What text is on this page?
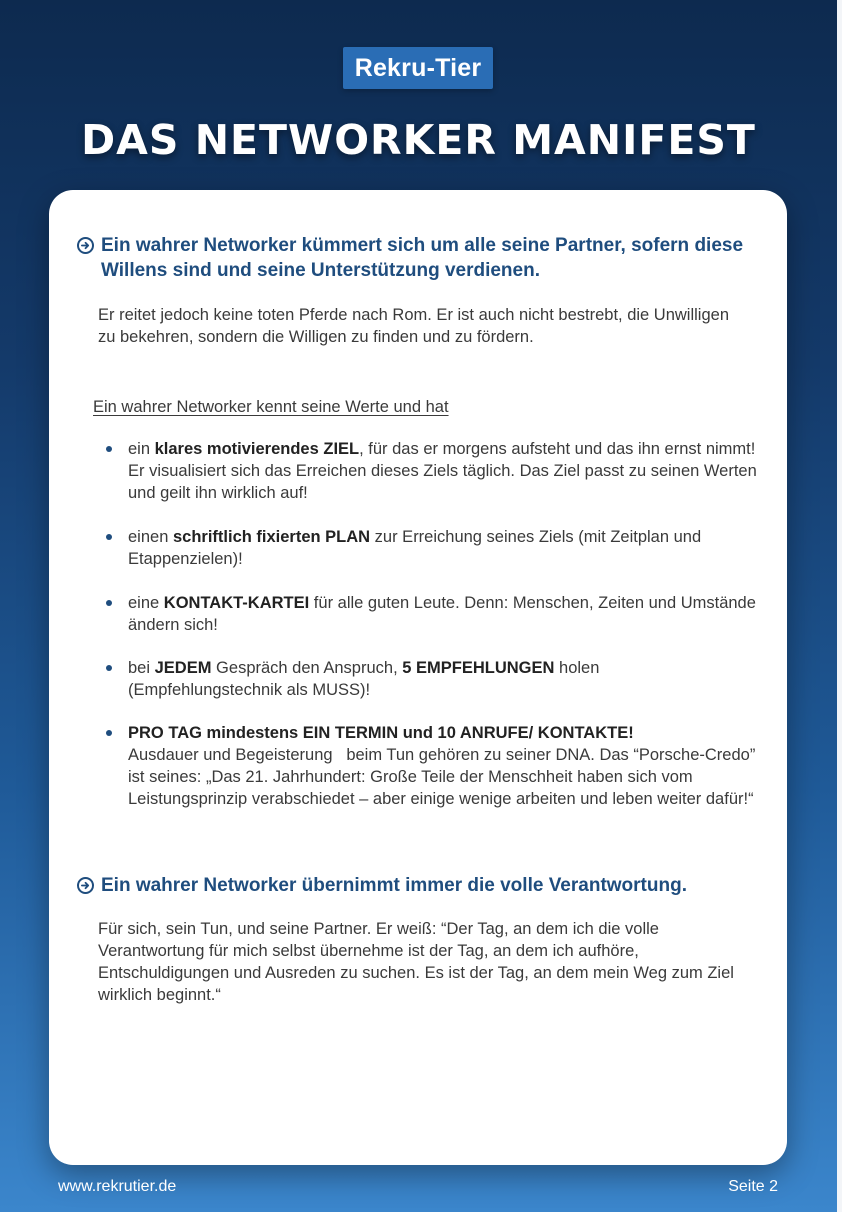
Rekru-Tier
DAS NETWORKER MANIFEST
Ein wahrer Networker kümmert sich um alle seine Partner, sofern diese Willens sind und seine Unterstützung verdienen.

Er reitet jedoch keine toten Pferde nach Rom. Er ist auch nicht bestrebt, die Unwilligen zu bekehren, sondern die Willigen zu finden und zu fördern.

Ein wahrer Networker kennt seine Werte und hat

ein klares motivierendes ZIEL, für das er morgens aufsteht und das ihn ernst nimmt! Er visualisiert sich das Erreichen dieses Ziels täglich. Das Ziel passt zu seinen Werten und geilt ihn wirklich auf!
einen schriftlich fixierten PLAN zur Erreichung seines Ziels (mit Zeitplan und Etappenzielen)!
eine KONTAKT-KARTEI für alle guten Leute. Denn: Menschen, Zeiten und Umstände ändern sich!
bei JEDEM Gespräch den Anspruch, 5 EMPFEHLUNGEN holen (Empfehlungstechnik als MUSS)!
PRO TAG mindestens EIN TERMIN und 10 ANRUFE/ KONTAKTE!
Ausdauer und Begeisterung   beim Tun gehören zu seiner DNA. Das “Porsche-Credo” ist seines: „Das 21. Jahrhundert: Große Teile der Menschheit haben sich vom Leistungsprinzip verabschiedet – aber einige wenige arbeiten und leben weiter dafür!“
Ein wahrer Networker übernimmt immer die volle Verantwortung.

Für sich, sein Tun, und seine Partner. Er weiß: “Der Tag, an dem ich die volle Verantwortung für mich selbst übernehme ist der Tag, an dem ich aufhöre, Entschuldigungen und Ausreden zu suchen. Es ist der Tag, an dem mein Weg zum Ziel wirklich beginnt.“

www.rekrutier.de	Seite 2
